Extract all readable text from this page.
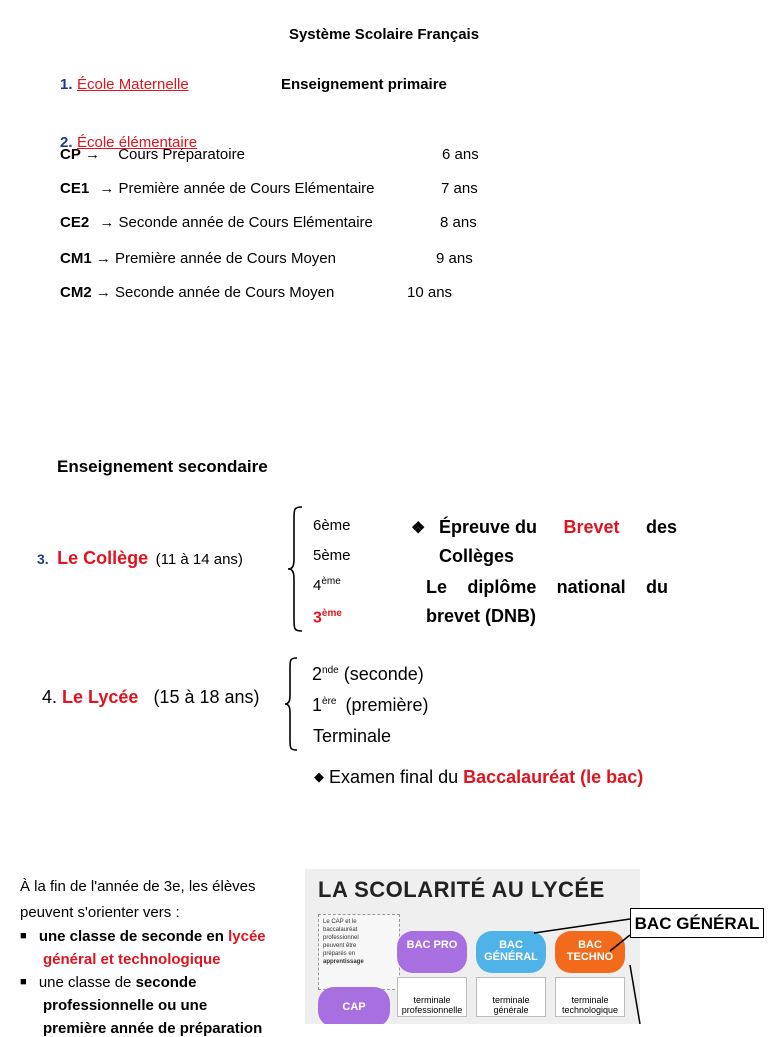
Système Scolaire Français
1. École Maternelle	Enseignement primaire
2. École élémentaire
CP → Cours Préparatoire	6 ans
CE1 → Première année de Cours Elémentaire	7 ans
CE2 → Seconde année de Cours Elémentaire	8 ans
CM1 → Première année de Cours Moyen	9 ans
CM2 → Seconde année de Cours Moyen	10 ans
Enseignement secondaire
3. Le Collège (11 à 14 ans)
6ème
5ème
4ème
3ème
❖ Épreuve du Brevet des
Collèges
Le diplôme national du
brevet (DNB)
4. Le Lycée (15 à 18 ans)
2nde (seconde)
1ère (première)
Terminale
◆ Examen final du Baccalauréat (le bac)
À la fin de l'année de 3e, les élèves
peuvent s'orienter vers :
■ une classe de seconde en lycée
général et technologique
■ une classe de seconde
professionnelle ou une
première année de préparation
LA SCOLARITÉ AU LYCÉE
Le CAP et le
baccalauréat
professionnel
peuvent être
préparés en
apprentissage
BAC PRO	BAC GÉNÉRAL
BAC TECHNO
CAP
terminale professionnelle
terminale générale
terminale technologique
BAC GÉNÉRAL
